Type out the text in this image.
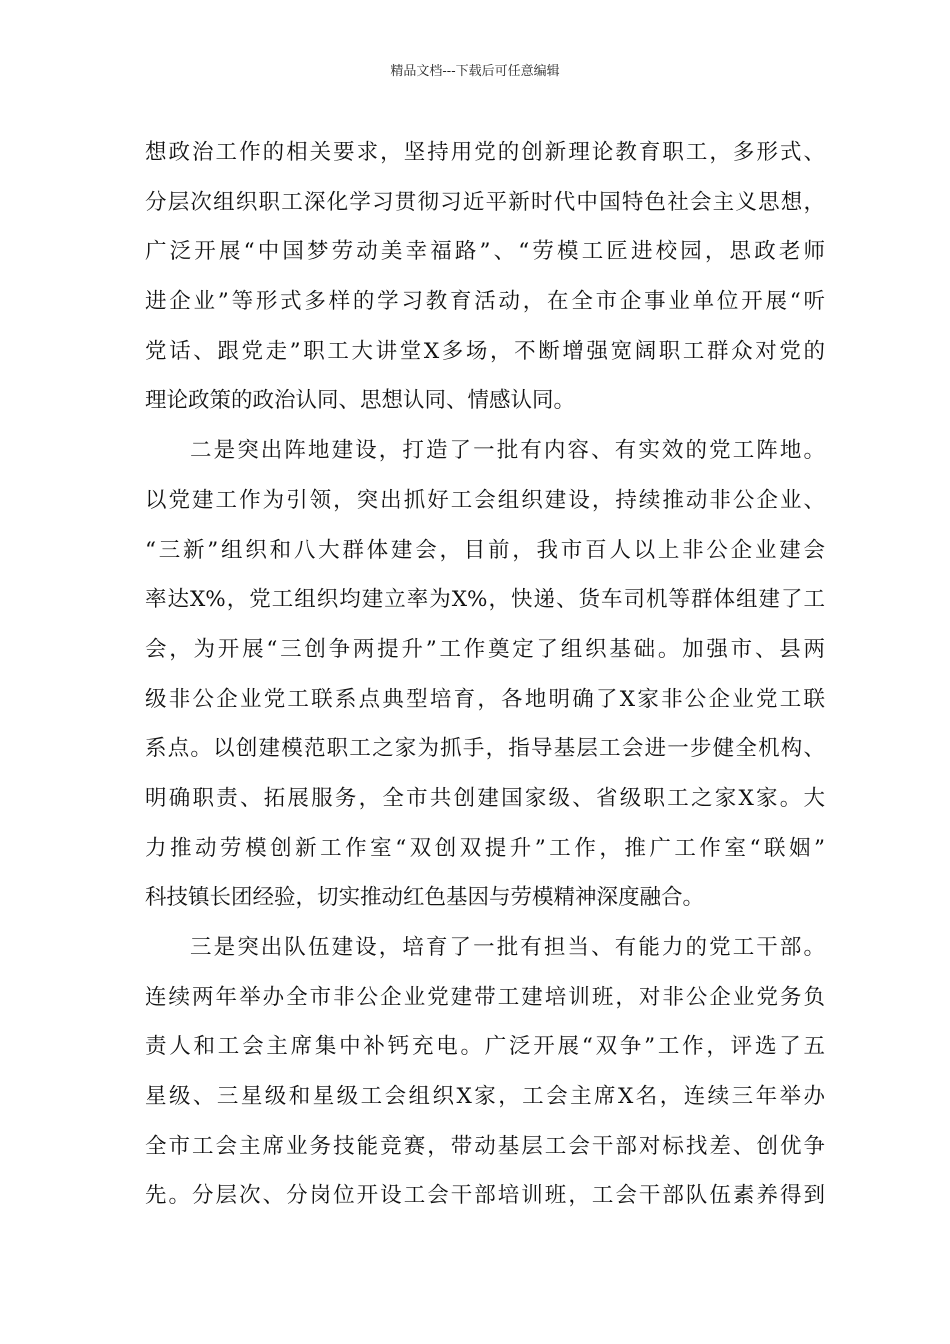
精品文档---下载后可任意编辑
想政治工作的相关要求，坚持用党的创新理论教育职工，多形式、
分层次组织职工深化学习贯彻习近平新时代中国特色社会主义思想，
广泛开展“中国梦劳动美幸福路”、“劳模工匠进校园，思政老师
进企业”等形式多样的学习教育活动，在全市企事业单位开展“听
党话、跟党走”职工大讲堂X多场，不断增强宽阔职工群众对党的
理论政策的政治认同、思想认同、情感认同。
二是突出阵地建设，打造了一批有内容、有实效的党工阵地。
以党建工作为引领，突出抓好工会组织建设，持续推动非公企业、
“三新”组织和八大群体建会，目前，我市百人以上非公企业建会
率达X%，党工组织均建立率为X%，快递、货车司机等群体组建了工
会，为开展“三创争两提升”工作奠定了组织基础。加强市、县两
级非公企业党工联系点典型培育，各地明确了X家非公企业党工联
系点。以创建模范职工之家为抓手，指导基层工会进一步健全机构、
明确职责、拓展服务，全市共创建国家级、省级职工之家X家。大
力推动劳模创新工作室“双创双提升”工作，推广工作室“联姻”
科技镇长团经验，切实推动红色基因与劳模精神深度融合。
三是突出队伍建设，培育了一批有担当、有能力的党工干部。
连续两年举办全市非公企业党建带工建培训班，对非公企业党务负
责人和工会主席集中补钙充电。广泛开展“双争”工作，评选了五
星级、三星级和星级工会组织X家，工会主席X名，连续三年举办
全市工会主席业务技能竞赛，带动基层工会干部对标找差、创优争
先。分层次、分岗位开设工会干部培训班，工会干部队伍素养得到
